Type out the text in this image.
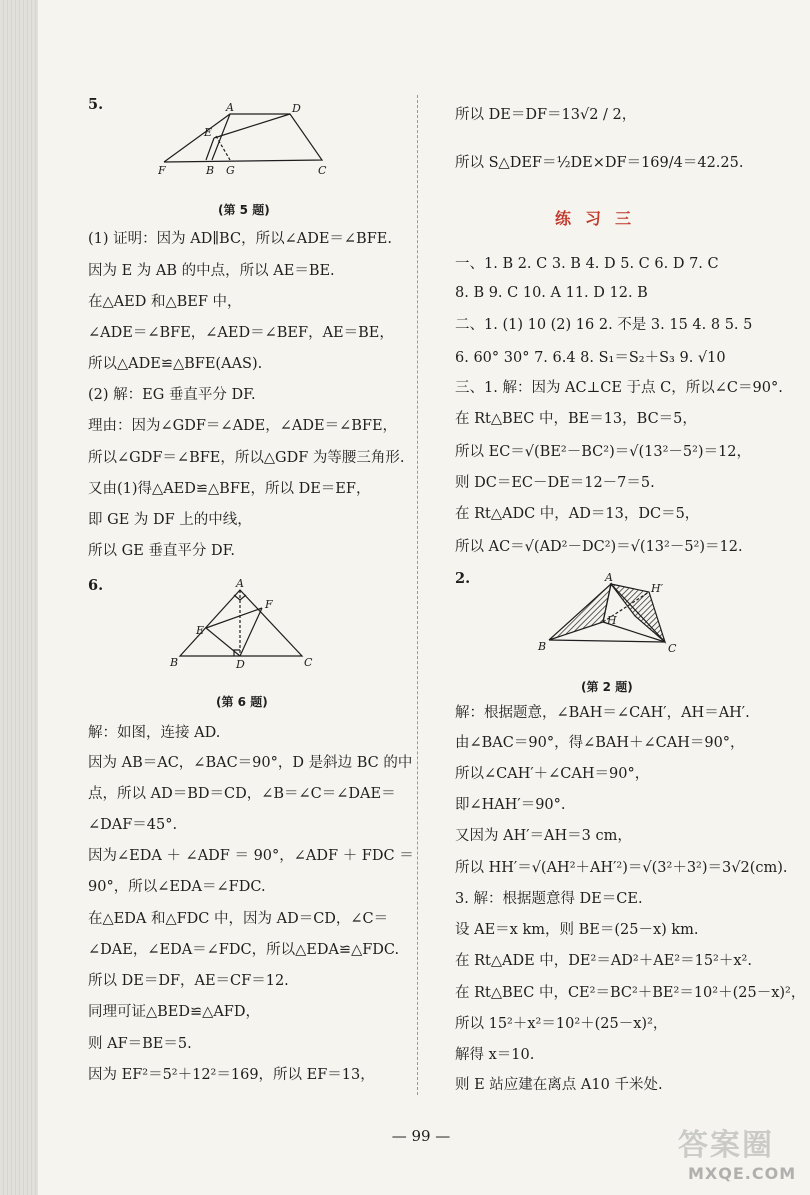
5.	A	D
E
F	B G	C
(第 5 题)
(1) 证明：因为 AD∥BC，所以∠ADE＝∠BFE.
因为 E 为 AB 的中点，所以 AE＝BE.
在△AED 和△BEF 中，
∠ADE＝∠BFE，∠AED＝∠BEF，AE＝BE，
所以△ADE≌△BFE(AAS).
(2) 解：EG 垂直平分 DF.
理由：因为∠GDF＝∠ADE，∠ADE＝∠BFE，
所以∠GDF＝∠BFE，所以△GDF 为等腰三角形.
又由(1)得△AED≌△BFE，所以 DE＝EF，
即 GE 为 DF 上的中线，
所以 GE 垂直平分 DF.
6.	A
F
E
B	D	C
(第 6 题)
解：如图，连接 AD.
因为 AB＝AC，∠BAC＝90°，D 是斜边 BC 的中
点，所以 AD＝BD＝CD，∠B＝∠C＝∠DAE＝
∠DAF＝45°.
因为∠EDA ＋ ∠ADF ＝ 90°，∠ADF ＋ FDC ＝
90°，所以∠EDA＝∠FDC.
在△EDA 和△FDC 中，因为 AD＝CD，∠C＝
∠DAE，∠EDA＝∠FDC，所以△EDA≌△FDC.
所以 DE＝DF，AE＝CF＝12.
同理可证△BED≌△AFD，
则 AF＝BE＝5.
因为 EF²＝5²＋12²＝169，所以 EF＝13，
所以 DE＝DF＝13√2 / 2，
所以 S△DEF＝½DE×DF＝169/4＝42.25.
一、1. B 2. C 3. B 4. D 5. C 6. D 7. C
8. B 9. C 10. A 11. D 12. B
二、1. (1) 10 (2) 16 2. 不是 3. 15 4. 8 5. 5
6. 60° 30° 7. 6.4 8. S₁＝S₂＋S₃ 9. √10
三、1. 解：因为 AC⊥CE 于点 C，所以∠C＝90°.
在 Rt△BEC 中，BE＝13，BC＝5，
所以 EC＝√(BE²－BC²)＝√(13²－5²)＝12，
则 DC＝EC－DE＝12－7＝5.
在 Rt△ADC 中，AD＝13，DC＝5，
所以 AC＝√(AD²－DC²)＝√(13²－5²)＝12.
2.	A
H′
H
B	C
(第 2 题)
解：根据题意，∠BAH＝∠CAH′，AH＝AH′.
由∠BAC＝90°，得∠BAH＋∠CAH＝90°，
所以∠CAH′＋∠CAH＝90°，
即∠HAH′＝90°.
又因为 AH′＝AH＝3 cm，
所以 HH′＝√(AH²＋AH′²)＝√(3²＋3²)＝3√2(cm).
3. 解：根据题意得 DE＝CE.
设 AE＝x km，则 BE＝(25－x) km.
在 Rt△ADE 中，DE²＝AD²＋AE²＝15²＋x².
在 Rt△BEC 中，CE²＝BC²＋BE²＝10²＋(25－x)²，
所以 15²＋x²＝10²＋(25－x)²，
解得 x＝10.
则 E 站应建在离点 A10 千米处.
练习三
— 99 —	答案圈
MXQE.COM
